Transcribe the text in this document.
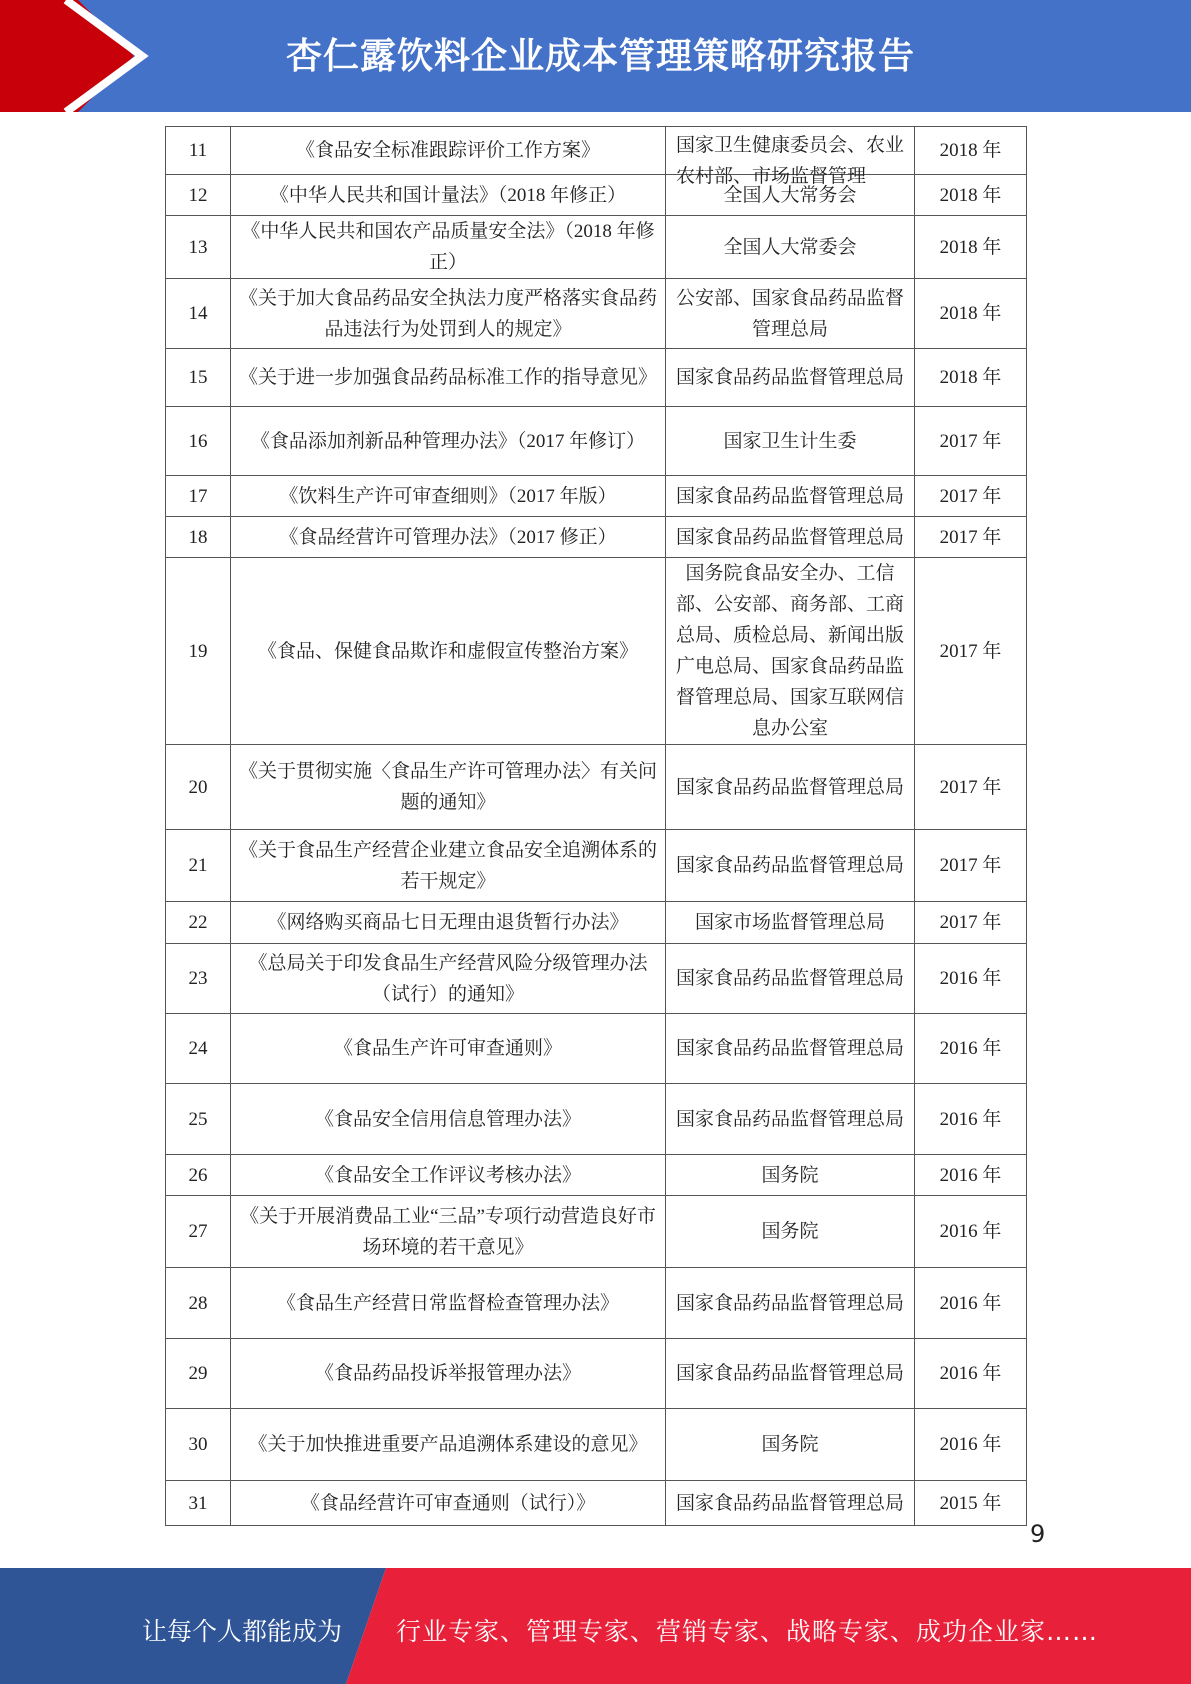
杏仁露饮料企业成本管理策略研究报告
11	《食品安全标准跟踪评价工作方案》	国家卫生健康委员会、农业农村部、市场监督管理	2018 年

12	《中华人民共和国计量法》（2018 年修正）	全国人大常务会	2018 年

13	《中华人民共和国农产品质量安全法》（2018 年修正）	全国人大常委会	2018 年

14	《关于加大食品药品安全执法力度严格落实食品药品违法行为处罚到人的规定》	公安部、国家食品药品监督管理总局	2018 年

15	《关于进一步加强食品药品标准工作的指导意见》	国家食品药品监督管理总局	2018 年

16	《食品添加剂新品种管理办法》（2017 年修订）	国家卫生计生委	2017 年

17	《饮料生产许可审查细则》（2017 年版）	国家食品药品监督管理总局	2017 年

18	《食品经营许可管理办法》（2017 修正）	国家食品药品监督管理总局	2017 年

19	《食品、保健食品欺诈和虚假宣传整治方案》	国务院食品安全办、工信部、公安部、商务部、工商总局、质检总局、新闻出版广电总局、国家食品药品监督管理总局、国家互联网信息办公室	2017 年

20	《关于贯彻实施〈食品生产许可管理办法〉有关问题的通知》	国家食品药品监督管理总局	2017 年

21	《关于食品生产经营企业建立食品安全追溯体系的若干规定》	国家食品药品监督管理总局	2017 年

22	《网络购买商品七日无理由退货暂行办法》	国家市场监督管理总局	2017 年

23	《总局关于印发食品生产经营风险分级管理办法（试行）的通知》	国家食品药品监督管理总局	2016 年

24	《食品生产许可审查通则》	国家食品药品监督管理总局	2016 年

25	《食品安全信用信息管理办法》	国家食品药品监督管理总局	2016 年

26	《食品安全工作评议考核办法》	国务院	2016 年

27	《关于开展消费品工业“三品”专项行动营造良好市场环境的若干意见》	国务院	2016 年

28	《食品生产经营日常监督检查管理办法》	国家食品药品监督管理总局	2016 年

29	《食品药品投诉举报管理办法》	国家食品药品监督管理总局	2016 年

30	《关于加快推进重要产品追溯体系建设的意见》	国务院	2016 年

31	《食品经营许可审查通则（试行）》	国家食品药品监督管理总局	2015 年
9
让每个人都能成为 行业专家、管理专家、营销专家、战略专家、成功企业家……
